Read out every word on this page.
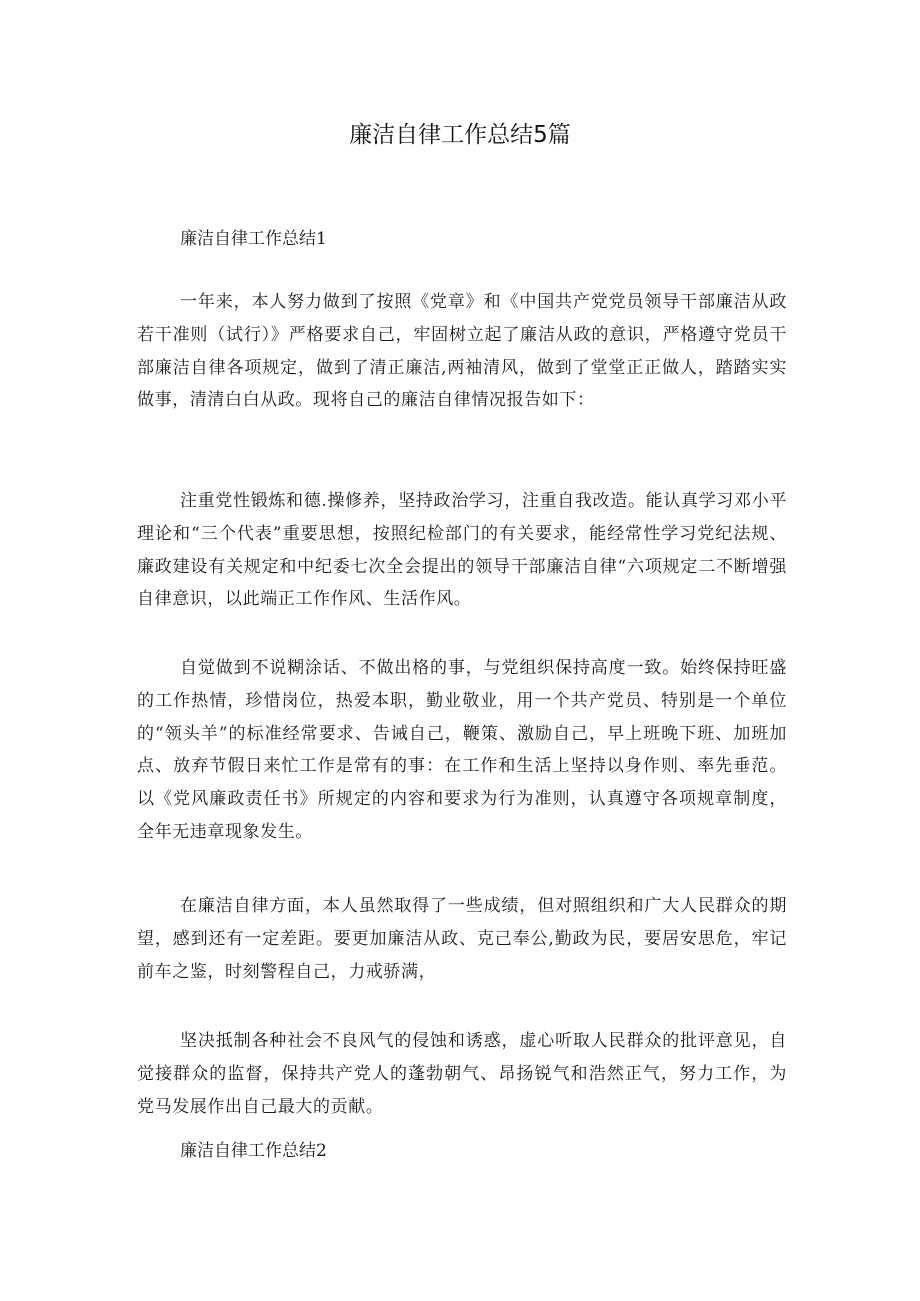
廉洁自律工作总结5篇

廉洁自律工作总结1

一年来，本人努力做到了按照《党章》和《中国共产党党员领导干部廉洁从政若干准则（试行）》严格要求自己，牢固树立起了廉洁从政的意识，严格遵守党员干部廉洁自律各项规定，做到了清正廉洁,两袖清风，做到了堂堂正正做人，踏踏实实做事，清清白白从政。现将自己的廉洁自律情况报告如下：

注重党性锻炼和德.操修养，坚持政治学习，注重自我改造。能认真学习邓小平理论和“三个代表”重要思想，按照纪检部门的有关要求，能经常性学习党纪法规、廉政建设有关规定和中纪委七次全会提出的领导干部廉洁自律“六项规定二不断增强自律意识，以此端正工作作风、生活作风。

自觉做到不说糊涂话、不做出格的事，与党组织保持高度一致。始终保持旺盛的工作热情，珍惜岗位，热爱本职，勤业敬业，用一个共产党员、特别是一个单位的“领头羊”的标准经常要求、告诫自己，鞭策、激励自己，早上班晚下班、加班加点、放弃节假日来忙工作是常有的事：在工作和生活上坚持以身作则、率先垂范。以《党风廉政责任书》所规定的内容和要求为行为准则，认真遵守各项规章制度，全年无违章现象发生。

在廉洁自律方面，本人虽然取得了一些成绩，但对照组织和广大人民群众的期望，感到还有一定差距。要更加廉洁从政、克己奉公,勤政为民，要居安思危，牢记前车之鉴，时刻警程自己，力戒骄满，

坚决抵制各种社会不良风气的侵蚀和诱惑，虚心听取人民群众的批评意见，自觉接群众的监督，保持共产党人的蓬勃朝气、昂扬锐气和浩然正气，努力工作，为党马发展作出自己最大的贡献。

廉洁自律工作总结2
